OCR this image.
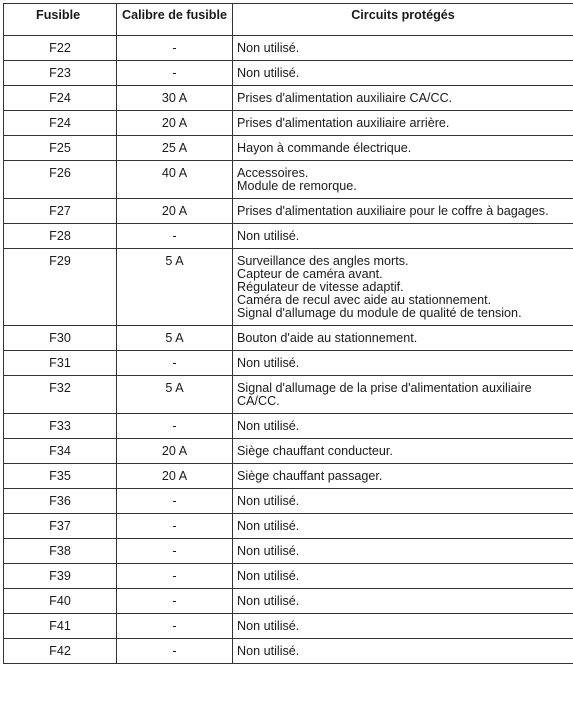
Fusible	Calibre de fusible	Circuits protégés
F22	-	Non utilisé.

F23	-	Non utilisé.

F24	30 A	Prises d'alimentation auxiliaire CA/CC.

F24	20 A	Prises d'alimentation auxiliaire arrière.

F25	25 A	Hayon à commande électrique.

F26	40 A	Accessoires.
Module de remorque.

F27	20 A	Prises d'alimentation auxiliaire pour le coffre à bagages.

F28	-	Non utilisé.

F29	5 A	Surveillance des angles morts.
Capteur de caméra avant.
Régulateur de vitesse adaptif.
Caméra de recul avec aide au stationnement.
Signal d'allumage du module de qualité de tension.

F30	5 A	Bouton d'aide au stationnement.

F31	-	Non utilisé.

F32	5 A	Signal d'allumage de la prise d'alimentation auxiliaire CA/CC.

F33	-	Non utilisé.

F34	20 A	Siège chauffant conducteur.

F35	20 A	Siège chauffant passager.

F36	-	Non utilisé.

F37	-	Non utilisé.

F38	-	Non utilisé.

F39	-	Non utilisé.

F40	-	Non utilisé.

F41	-	Non utilisé.

F42	-	Non utilisé.
